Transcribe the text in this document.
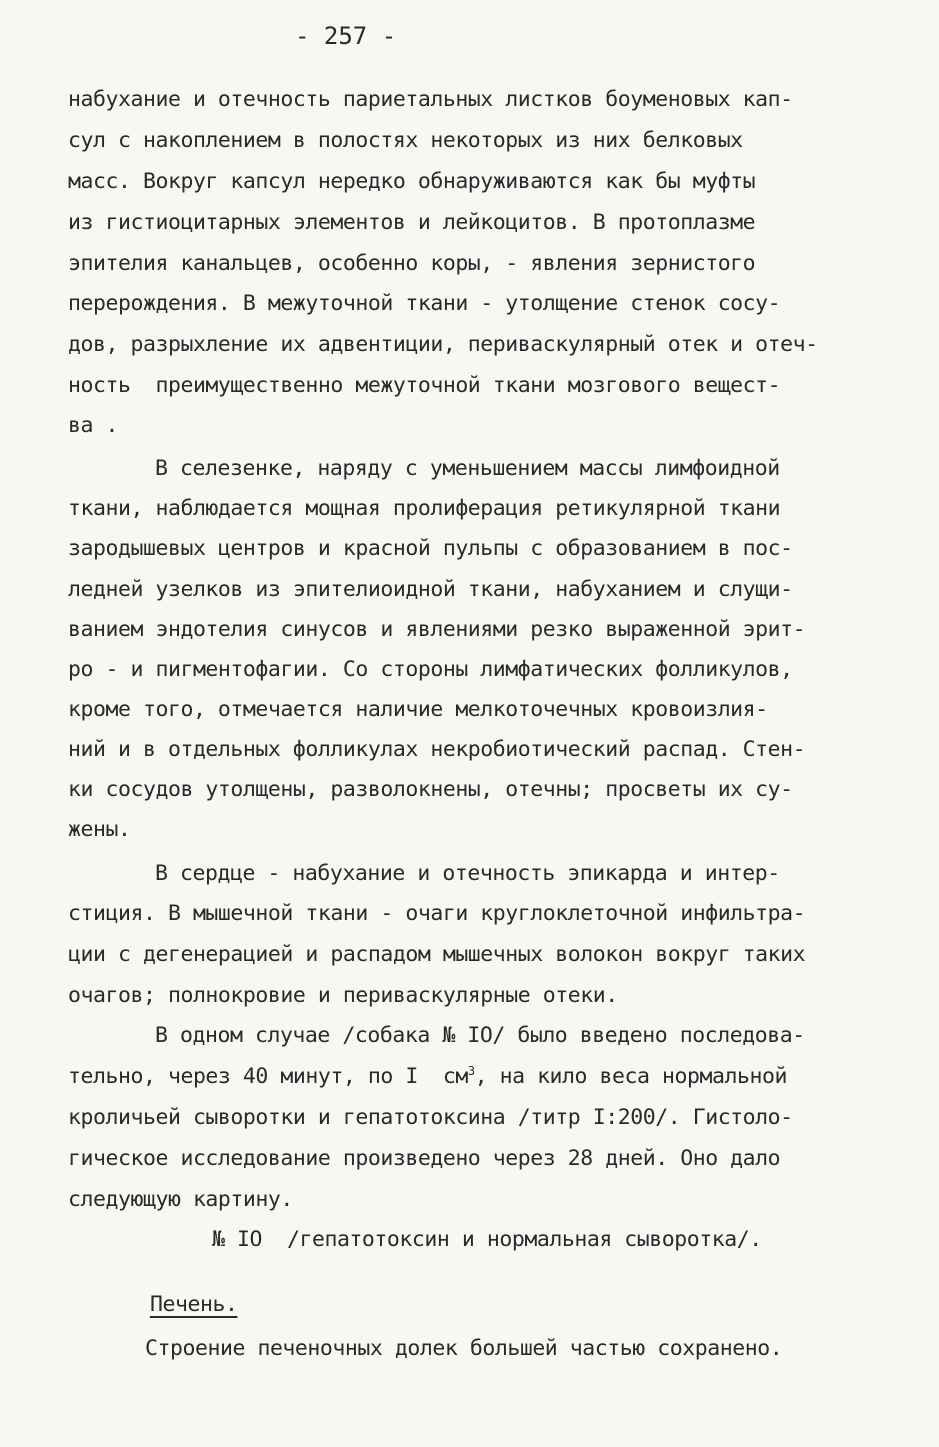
- 257 -
набухание и отечность париетальных листков боуменовых кап-
сул с накоплением в полостях некоторых из них белковых
масс. Вокруг капсул нередко обнаруживаются как бы муфты
из гистиоцитарных элементов и лейкоцитов. В протоплазме
эпителия канальцев, особенно коры, - явления зернистого
перерождения. В межуточной ткани - утолщение стенок сосу-
дов, разрыхление их адвентиции, периваскулярный отек и отеч-
ность  преимущественно межуточной ткани мозгового вещест-
ва .
В селезенке, наряду с уменьшением массы лимфоидной
ткани, наблюдается мощная пролиферация ретикулярной ткани
зародышевых центров и красной пульпы с образованием в пос-
ледней узелков из эпителиоидной ткани, набуханием и слущи-
ванием эндотелия синусов и явлениями резко выраженной эрит-
ро - и пигментофагии. Со стороны лимфатических фолликулов,
кроме того, отмечается наличие мелкоточечных кровоизлия-
ний и в отдельных фолликулах некробиотический распад. Стен-
ки сосудов утолщены, разволокнены, отечны; просветы их су-
жены.
В сердце - набухание и отечность эпикарда и интер-
стиция. В мышечной ткани - очаги круглоклеточной инфильтра-
ции с дегенерацией и распадом мышечных волокон вокруг таких
очагов; полнокровие и периваскулярные отеки.
В одном случае /собака № IO/ было введено последова-
тельно, через 40 минут, по I  $см^3$, на кило веса нормальной
кроличьей сыворотки и гепатотоксина /титр I:200/. Гистоло-
гическое исследование произведено через 28 дней. Оно дало
следующую картину.
№ IO  /гепатотоксин и нормальная сыворотка/.
Печень.
Строение печеночных долек большей частью сохранено.
